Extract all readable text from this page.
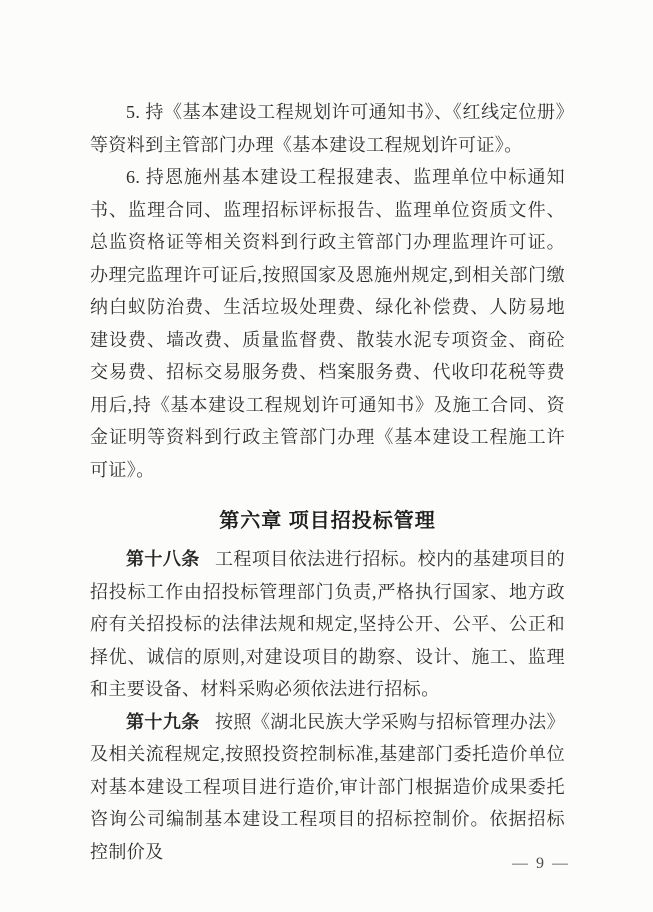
5. 持《基本建设工程规划许可通知书》、《红线定位册》等资料到主管部门办理《基本建设工程规划许可证》。

6. 持恩施州基本建设工程报建表、监理单位中标通知书、监理合同、监理招标评标报告、监理单位资质文件、总监资格证等相关资料到行政主管部门办理监理许可证。办理完监理许可证后,按照国家及恩施州规定,到相关部门缴纳白蚁防治费、生活垃圾处理费、绿化补偿费、人防易地建设费、墙改费、质量监督费、散装水泥专项资金、商砼交易费、招标交易服务费、档案服务费、代收印花税等费用后,持《基本建设工程规划许可通知书》及施工合同、资金证明等资料到行政主管部门办理《基本建设工程施工许可证》。

第六章 项目招投标管理

第十八条 工程项目依法进行招标。校内的基建项目的招投标工作由招投标管理部门负责,严格执行国家、地方政府有关招投标的法律法规和规定,坚持公开、公平、公正和择优、诚信的原则,对建设项目的勘察、设计、施工、监理和主要设备、材料采购必须依法进行招标。

第十九条 按照《湖北民族大学采购与招标管理办法》及相关流程规定,按照投资控制标准,基建部门委托造价单位对基本建设工程项目进行造价,审计部门根据造价成果委托咨询公司编制基本建设工程项目的招标控制价。依据招标控制价及

— 9 —
